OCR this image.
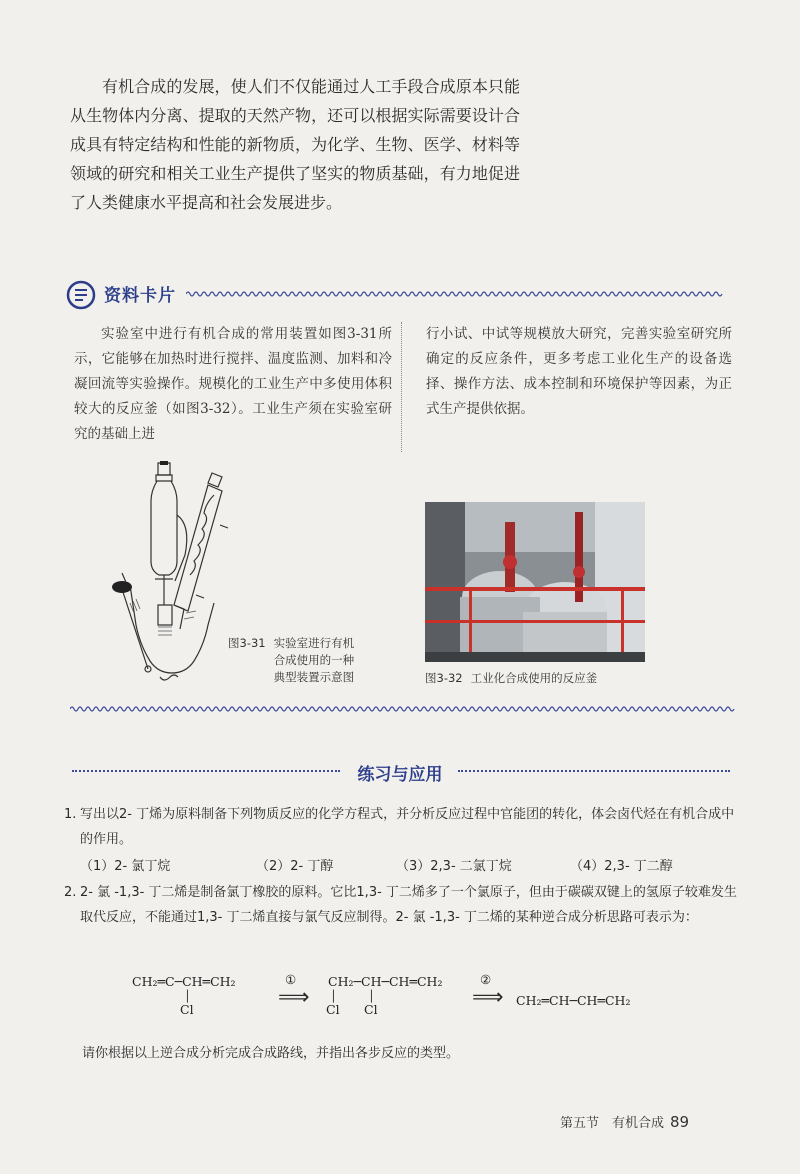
有机合成的发展，使人们不仅能通过人工手段合成原本只能从生物体内分离、提取的天然产物，还可以根据实际需要设计合成具有特定结构和性能的新物质，为化学、生物、医学、材料等领域的研究和相关工业生产提供了坚实的物质基础，有力地促进了人类健康水平提高和社会发展进步。

资料卡片

实验室中进行有机合成的常用装置如图3-31所示，它能够在加热时进行搅拌、温度监测、加料和冷凝回流等实验操作。规模化的工业生产中多使用体积较大的反应釜（如图3-32）。工业生产须在实验室研究的基础上进

行小试、中试等规模放大研究，完善实验室研究所确定的反应条件，更多考虑工业化生产的设备选择、操作方法、成本控制和环境保护等因素，为正式生产提供依据。

图3-31 实验室进行有机
合成使用的一种
典型装置示意图	图3-32 工业化合成使用的反应釜
练习与应用
1. 写出以2- 丁烯为原料制备下列物质反应的化学方程式，并分析反应过程中官能团的转化，体会卤代烃在有机合成中的作用。
（1）2- 氯丁烷	（2）2- 丁醇	（3）2,3- 二氯丁烷	（4）2,3- 丁二醇
2. 2- 氯 -1,3- 丁二烯是制备氯丁橡胶的原料。它比1,3- 丁二烯多了一个氯原子，但由于碳碳双键上的氢原子较难发生取代反应，不能通过1,3- 丁二烯直接与氯气反应制得。2- 氯 -1,3- 丁二烯的某种逆合成分析思路可表示为：
CH₂═C─CH═CH₂
│
Cl
①
⟹
CH₂─CH─CH═CH₂
│	│
Cl Cl
②
⟹ CH₂═CH─CH═CH₂
请你根据以上逆合成分析完成合成路线，并指出各步反应的类型。
第五节　有机合成 89
